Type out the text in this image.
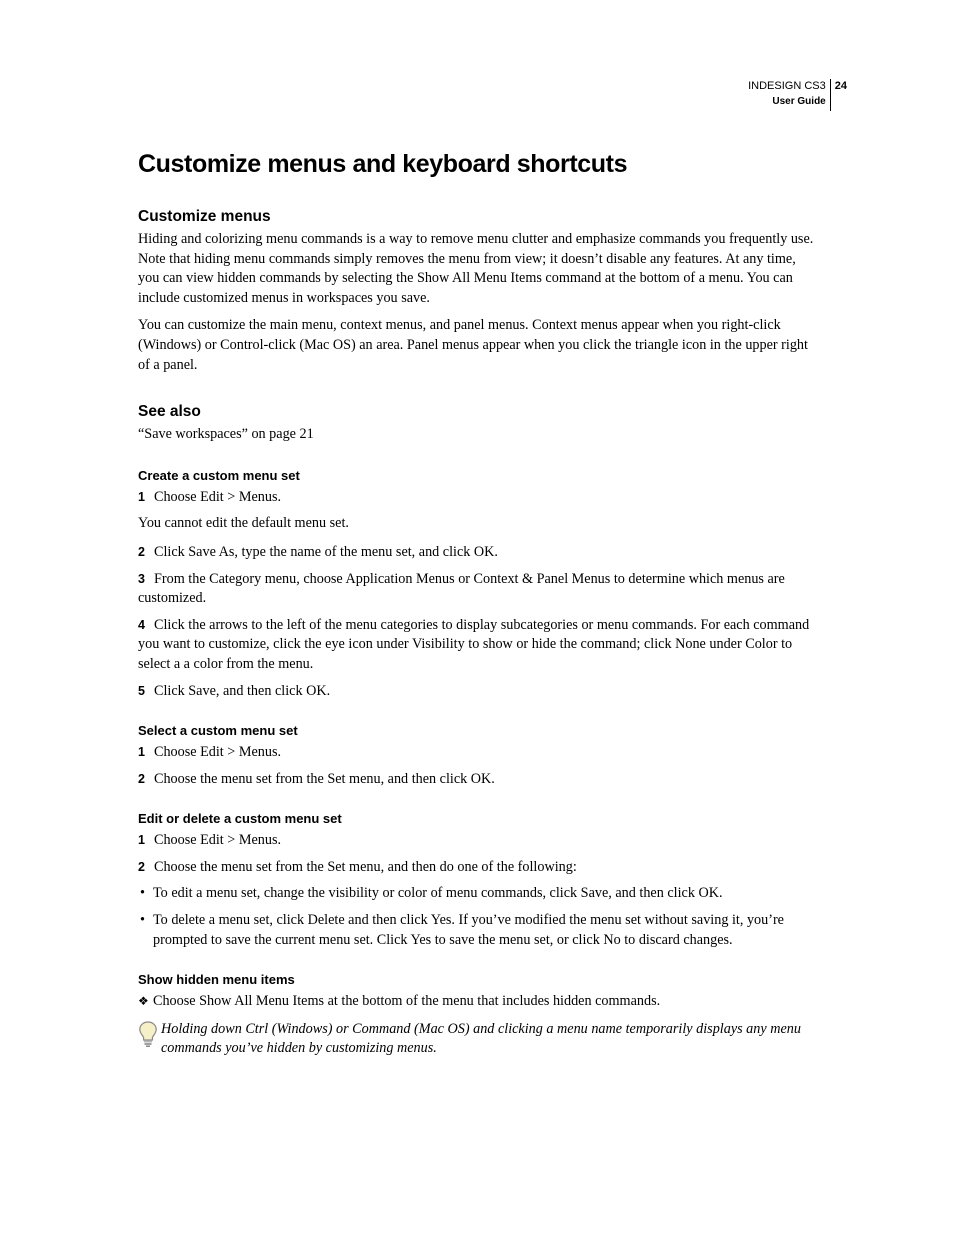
INDESIGN CS3
User Guide
24
Customize menus and keyboard shortcuts
Customize menus

Hiding and colorizing menu commands is a way to remove menu clutter and emphasize commands you frequently use. Note that hiding menu commands simply removes the menu from view; it doesn’t disable any features. At any time, you can view hidden commands by selecting the Show All Menu Items command at the bottom of a menu. You can include customized menus in workspaces you save.

You can customize the main menu, context menus, and panel menus. Context menus appear when you right-click (Windows) or Control-click (Mac OS) an area. Panel menus appear when you click the triangle icon in the upper right of a panel.

See also

“Save workspaces” on page 21

Create a custom menu set

1 Choose Edit > Menus.

You cannot edit the default menu set.

2 Click Save As, type the name of the menu set, and click OK.

3 From the Category menu, choose Application Menus or Context & Panel Menus to determine which menus are customized.

4 Click the arrows to the left of the menu categories to display subcategories or menu commands. For each command you want to customize, click the eye icon under Visibility to show or hide the command; click None under Color to select a a color from the menu.

5 Click Save, and then click OK.

Select a custom menu set

1 Choose Edit > Menus.

2 Choose the menu set from the Set menu, and then click OK.

Edit or delete a custom menu set

1 Choose Edit > Menus.

2 Choose the menu set from the Set menu, and then do one of the following:

• To edit a menu set, change the visibility or color of menu commands, click Save, and then click OK.

• To delete a menu set, click Delete and then click Yes. If you’ve modified the menu set without saving it, you’re prompted to save the current menu set. Click Yes to save the menu set, or click No to discard changes.

Show hidden menu items

❖ Choose Show All Menu Items at the bottom of the menu that includes hidden commands.

Holding down Ctrl (Windows) or Command (Mac OS) and clicking a menu name temporarily displays any menu commands you’ve hidden by customizing menus.
